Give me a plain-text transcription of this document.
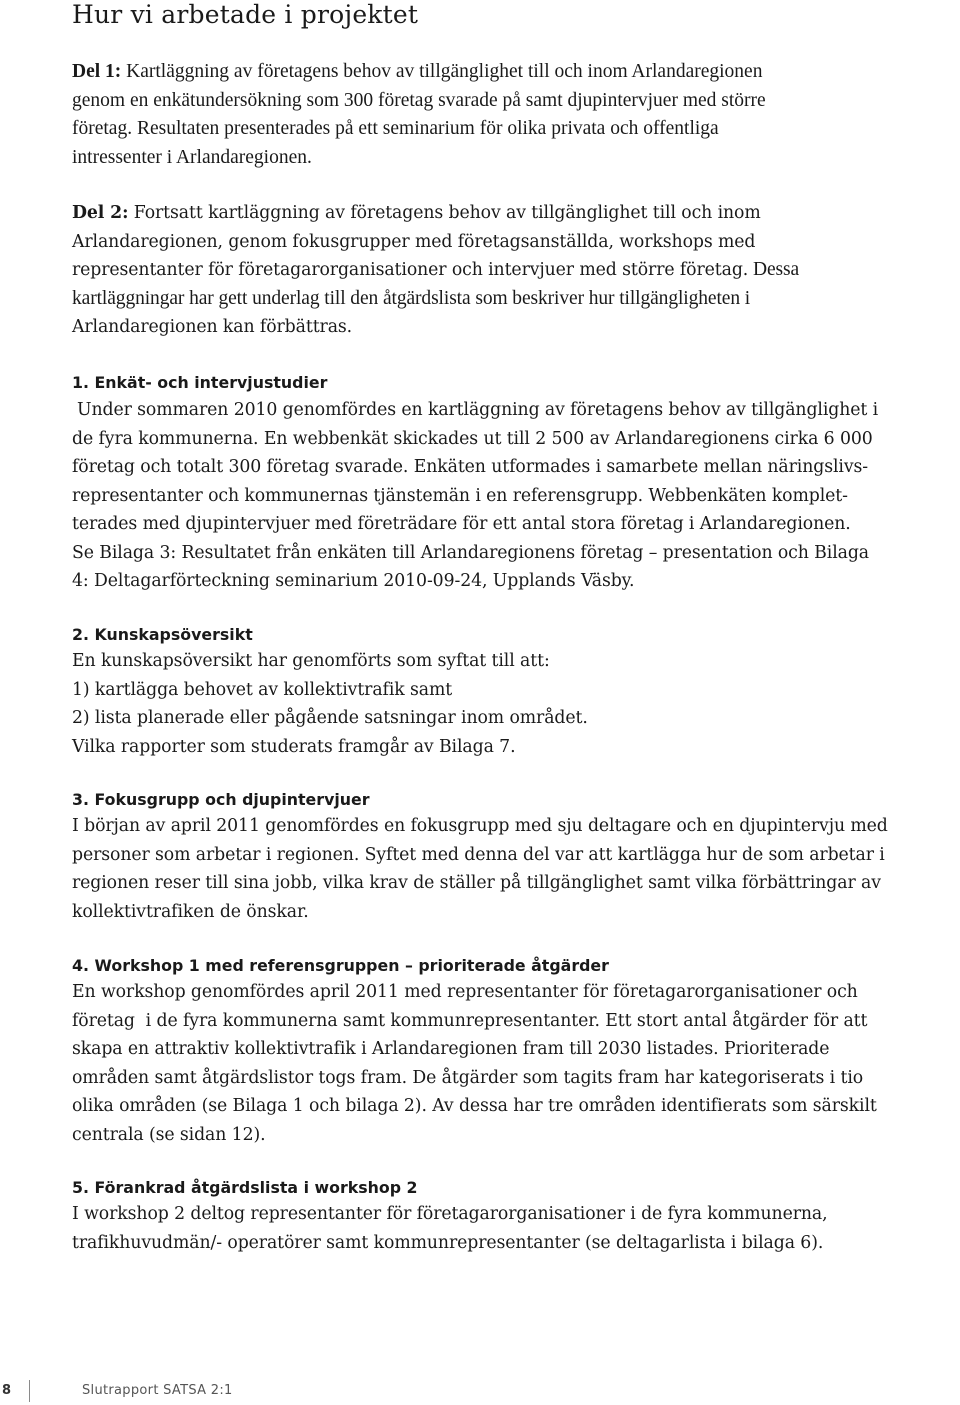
Hur vi arbetade i projektet
Del 1: Kartläggning av företagens behov av tillgänglighet till och inom Arlandaregionen
genom en enkätundersökning som 300 företag svarade på samt djupintervjuer med större
företag. Resultaten presenterades på ett seminarium för olika privata och offentliga
intressenter i Arlandaregionen.
Del 2: Fortsatt kartläggning av företagens behov av tillgänglighet till och inom
Arlandaregionen, genom fokusgrupper med företagsanställda, workshops med
representanter för företagarorganisationer och intervjuer med större företag. Dessa
kartläggningar har gett underlag till den åtgärdslista som beskriver hur tillgängligheten i
Arlandaregionen kan förbättras.
1. Enkät- och intervjustudier
Under sommaren 2010 genomfördes en kartläggning av företagens behov av tillgänglighet i
de fyra kommunerna. En webbenkät skickades ut till 2 500 av Arlandaregionens cirka 6 000
företag och totalt 300 företag svarade. Enkäten utformades i samarbete mellan näringslivs-
representanter och kommunernas tjänstemän i en referensgrupp. Webbenkäten komplet-
terades med djupintervjuer med företrädare för ett antal stora företag i Arlandaregionen.
Se Bilaga 3: Resultatet från enkäten till Arlandaregionens företag – presentation och Bilaga
4: Deltagarförteckning seminarium 2010-09-24, Upplands Väsby.
2. Kunskapsöversikt
En kunskapsöversikt har genomförts som syftat till att:
1) kartlägga behovet av kollektivtrafik samt
2) lista planerade eller pågående satsningar inom området.
Vilka rapporter som studerats framgår av Bilaga 7.
3. Fokusgrupp och djupintervjuer
I början av april 2011 genomfördes en fokusgrupp med sju deltagare och en djupintervju med
personer som arbetar i regionen. Syftet med denna del var att kartlägga hur de som arbetar i
regionen reser till sina jobb, vilka krav de ställer på tillgänglighet samt vilka förbättringar av
kollektivtrafiken de önskar.
4. Workshop 1 med referensgruppen – prioriterade åtgärder
En workshop genomfördes april 2011 med representanter för företagarorganisationer och
företag  i de fyra kommunerna samt kommunrepresentanter. Ett stort antal åtgärder för att
skapa en attraktiv kollektivtrafik i Arlandaregionen fram till 2030 listades. Prioriterade
områden samt åtgärdslistor togs fram. De åtgärder som tagits fram har kategoriserats i tio
olika områden (se Bilaga 1 och bilaga 2). Av dessa har tre områden identifierats som särskilt
centrala (se sidan 12).
5. Förankrad åtgärdslista i workshop 2
I workshop 2 deltog representanter för företagarorganisationer i de fyra kommunerna,
trafikhuvudmän/- operatörer samt kommunrepresentanter (se deltagarlista i bilaga 6).
8	Slutrapport SATSA 2:1
